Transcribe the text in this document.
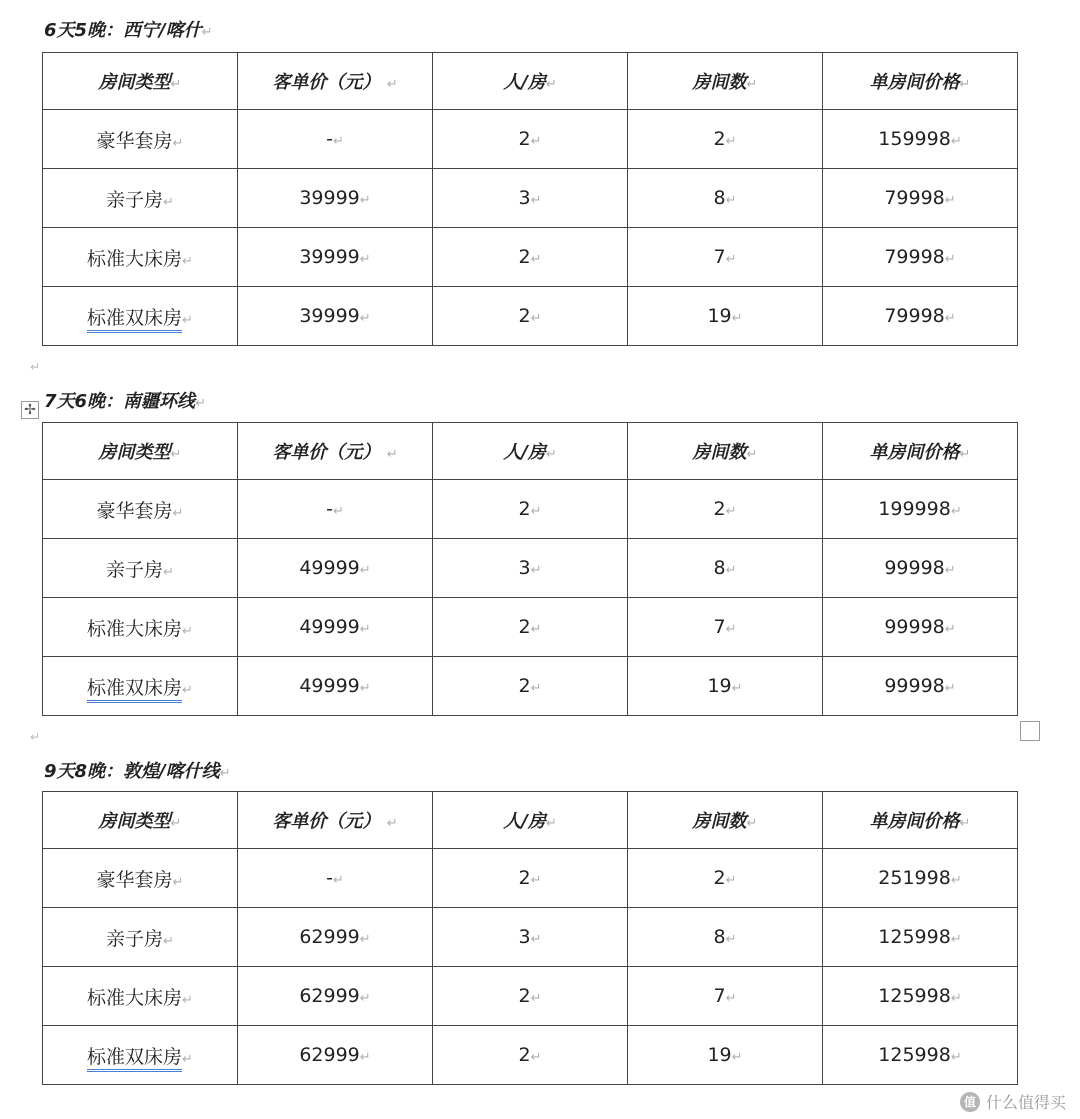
6天5晚：西宁/喀什↵
房间类型↵	客单价（元） ↵	人/房↵	房间数↵	单房间价格↵
豪华套房↵	-↵	2↵	2↵	159998↵
亲子房↵	39999↵	3↵	8↵	79998↵
标准大床房↵	39999↵	2↵	7↵	79998↵
标准双床房↵	39999↵	2↵	19↵	79998↵
↵
✢ 7天6晚：南疆环线↵
房间类型↵	客单价（元） ↵	人/房↵	房间数↵	单房间价格↵
豪华套房↵	-↵	2↵	2↵	199998↵
亲子房↵	49999↵	3↵	8↵	99998↵
标准大床房↵	49999↵	2↵	7↵	99998↵
标准双床房↵	49999↵	2↵	19↵	99998↵
↵
9天8晚：敦煌/喀什线↵
房间类型↵	客单价（元） ↵	人/房↵	房间数↵	单房间价格↵
豪华套房↵	-↵	2↵	2↵	251998↵
亲子房↵	62999↵	3↵	8↵	125998↵
标准大床房↵	62999↵	2↵	7↵	125998↵
标准双床房↵	62999↵	2↵	19↵	125998↵
值 什么值得买
